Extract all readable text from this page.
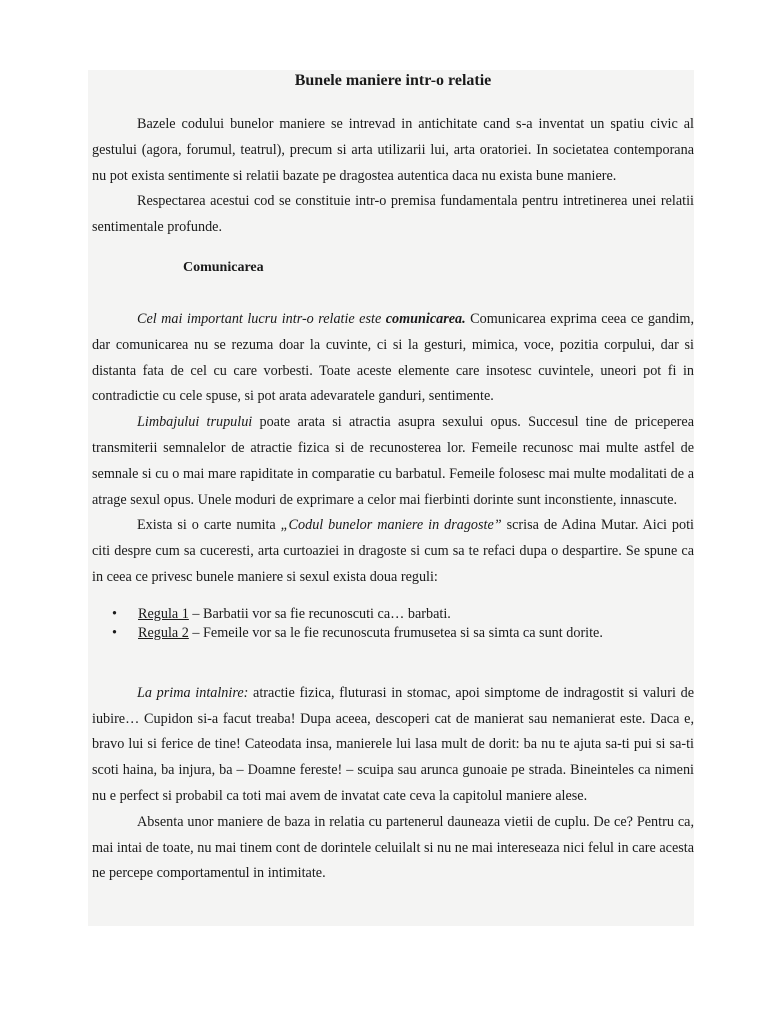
Bunele maniere intr-o relatie

Bazele codului bunelor maniere se intrevad in antichitate cand s-a inventat un spatiu civic al gestului (agora, forumul, teatrul), precum si arta utilizarii lui, arta oratoriei. In societatea contemporana nu pot exista sentimente si relatii bazate pe dragostea autentica daca nu exista bune maniere.

Respectarea acestui cod se constituie intr-o premisa fundamentala pentru intretinerea unei relatii sentimentale profunde.

Comunicarea

Cel mai important lucru intr-o relatie este comunicarea. Comunicarea exprima ceea ce gandim, dar comunicarea nu se rezuma doar la cuvinte, ci si la gesturi, mimica, voce, pozitia corpului, dar si distanta fata de cel cu care vorbesti. Toate aceste elemente care insotesc cuvintele, uneori pot fi in contradictie cu cele spuse, si pot arata adevaratele ganduri, sentimente.

Limbajului trupului poate arata si atractia asupra sexului opus. Succesul tine de priceperea transmiterii semnalelor de atractie fizica si de recunosterea lor. Femeile recunosc mai multe astfel de semnale si cu o mai mare rapiditate in comparatie cu barbatul. Femeile folosesc mai multe modalitati de a atrage sexul opus. Unele moduri de exprimare a celor mai fierbinti dorinte sunt inconstiente, innascute.

Exista si o carte numita „Codul bunelor maniere in dragoste” scrisa de Adina Mutar. Aici poti citi despre cum sa cuceresti, arta curtoaziei in dragoste si cum sa te refaci dupa o despartire. Se spune ca in ceea ce privesc bunele maniere si sexul exista doua reguli:

• Regula 1 – Barbatii vor sa fie recunoscuti ca… barbati.
• Regula 2 – Femeile vor sa le fie recunoscuta frumusetea si sa simta ca sunt dorite.

La prima intalnire: atractie fizica, fluturasi in stomac, apoi simptome de indragostit si valuri de iubire… Cupidon si-a facut treaba! Dupa aceea, descoperi cat de manierat sau nemanierat este. Daca e, bravo lui si ferice de tine! Cateodata insa, manierele lui lasa mult de dorit: ba nu te ajuta sa-ti pui si sa-ti scoti haina, ba injura, ba – Doamne fereste! – scuipa sau arunca gunoaie pe strada. Bineinteles ca nimeni nu e perfect si probabil ca toti mai avem de invatat cate ceva la capitolul maniere alese.

Absenta unor maniere de baza in relatia cu partenerul dauneaza vietii de cuplu. De ce? Pentru ca, mai intai de toate, nu mai tinem cont de dorintele celuilalt si nu ne mai intereseaza nici felul in care acesta ne percepe comportamentul in intimitate.
